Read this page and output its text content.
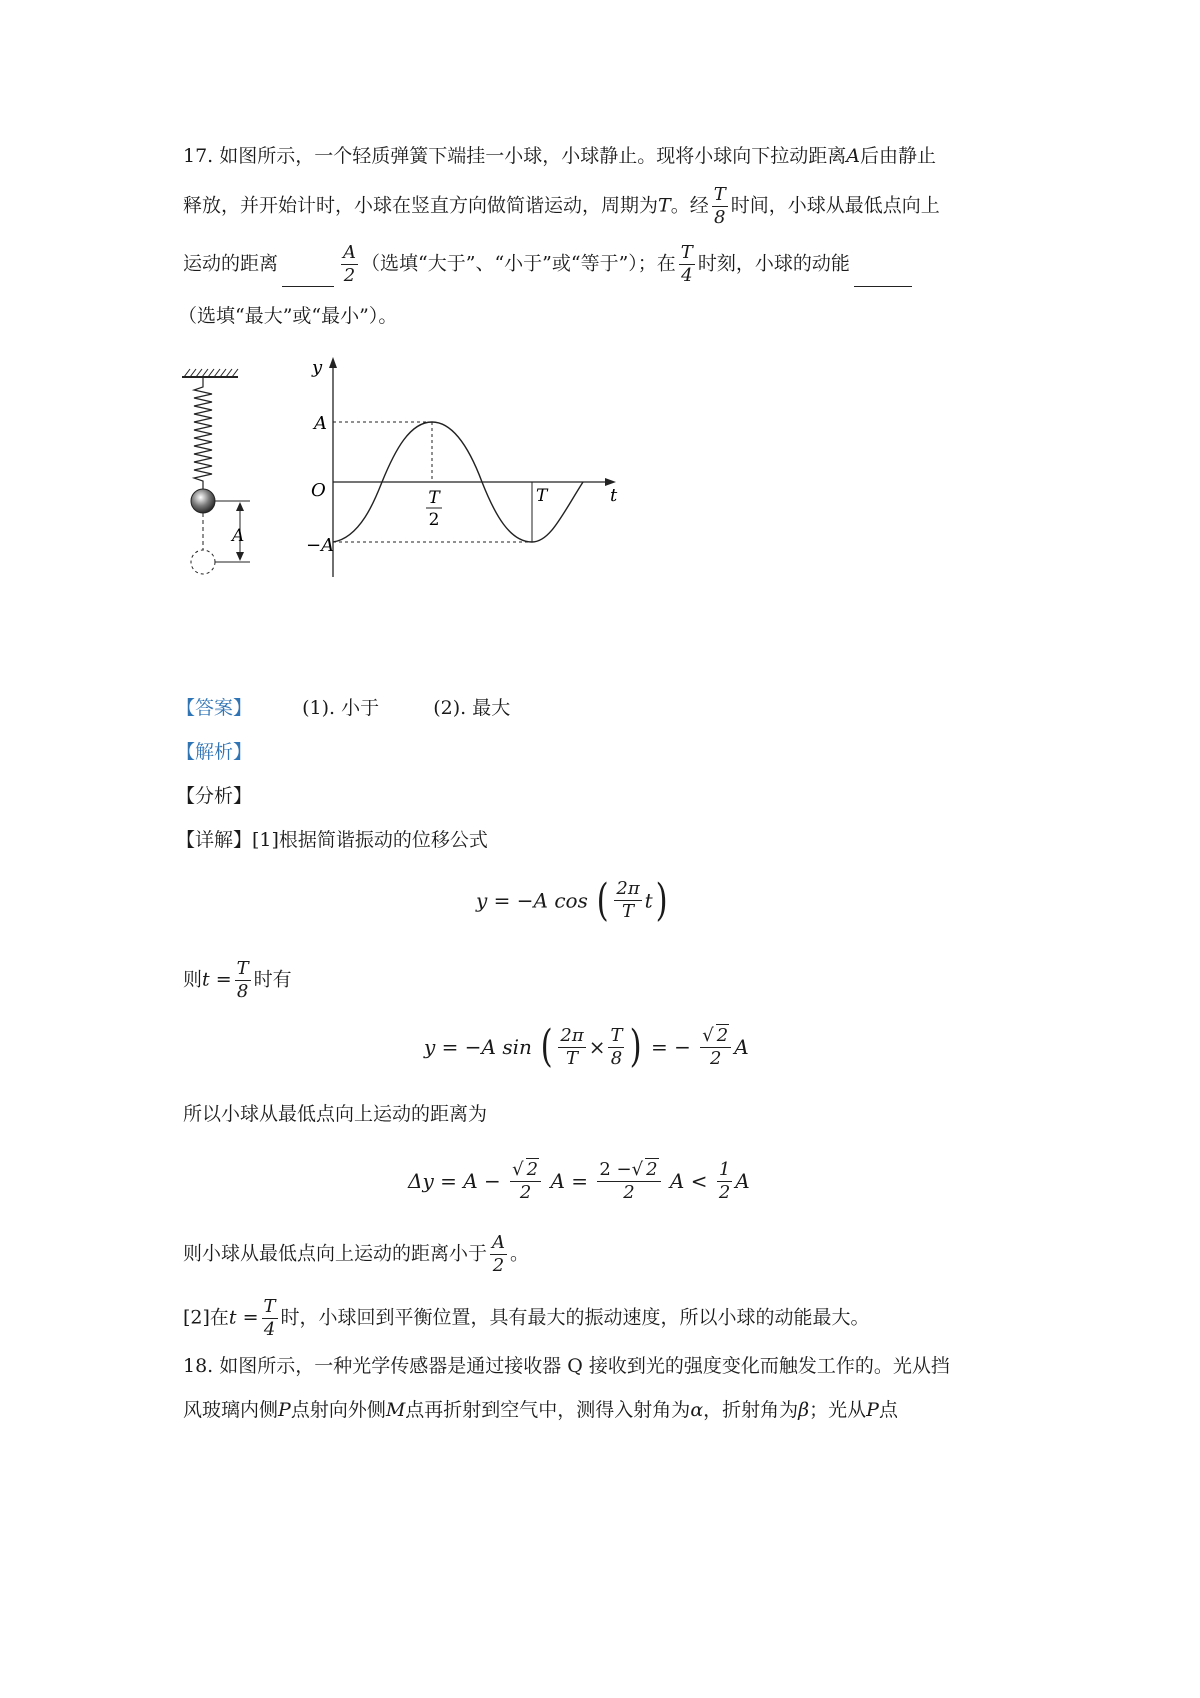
17. 如图所示，一个轻质弹簧下端挂一小球，小球静止。现将小球向下拉动距离A后由静止
释放，并开始计时，小球在竖直方向做简谐运动，周期为T。经 $\frac{T}{8}$ 时间，小球从最低点向上
运动的距离	$\frac{A}{2}$ （选填“大于”、“小于”或“等于”）；在 $\frac{T}{4}$ 时刻，小球的动能
（选填“最大”或“最小”）。
A
y
t
O
A
−A
T
2
T
【答案】	(1). 小于	(2). 最大
【解析】
【分析】
【详解】[1]根据简谐振动的位移公式
y = −A cos ( $\frac{2\pi}{T} t$)
则$t = \frac{T}{8}$ 时有
y = −A sin ( $\frac{2\pi}{T} \times \frac{T}{8}$ ) = − $\frac{√ 2}{2}$ A
所以小球从最低点向上运动的距离为
$\Delta y = A - \frac{√ 2}{2}$ $A = \frac{2 -√ 2}{2}$ $A < \frac{1}{2}$ A
则小球从最低点向上运动的距离小于 $\frac{A}{2}$ 。
[2]在$t = \frac{T}{4}$ 时，小球回到平衡位置，具有最大的振动速度，所以小球的动能最大。
18. 如图所示，一种光学传感器是通过接收器 Q 接收到光的强度变化而触发工作的。光从挡
风玻璃内侧P点射向外侧M点再折射到空气中，测得入射角为α，折射角为β；光从P点
